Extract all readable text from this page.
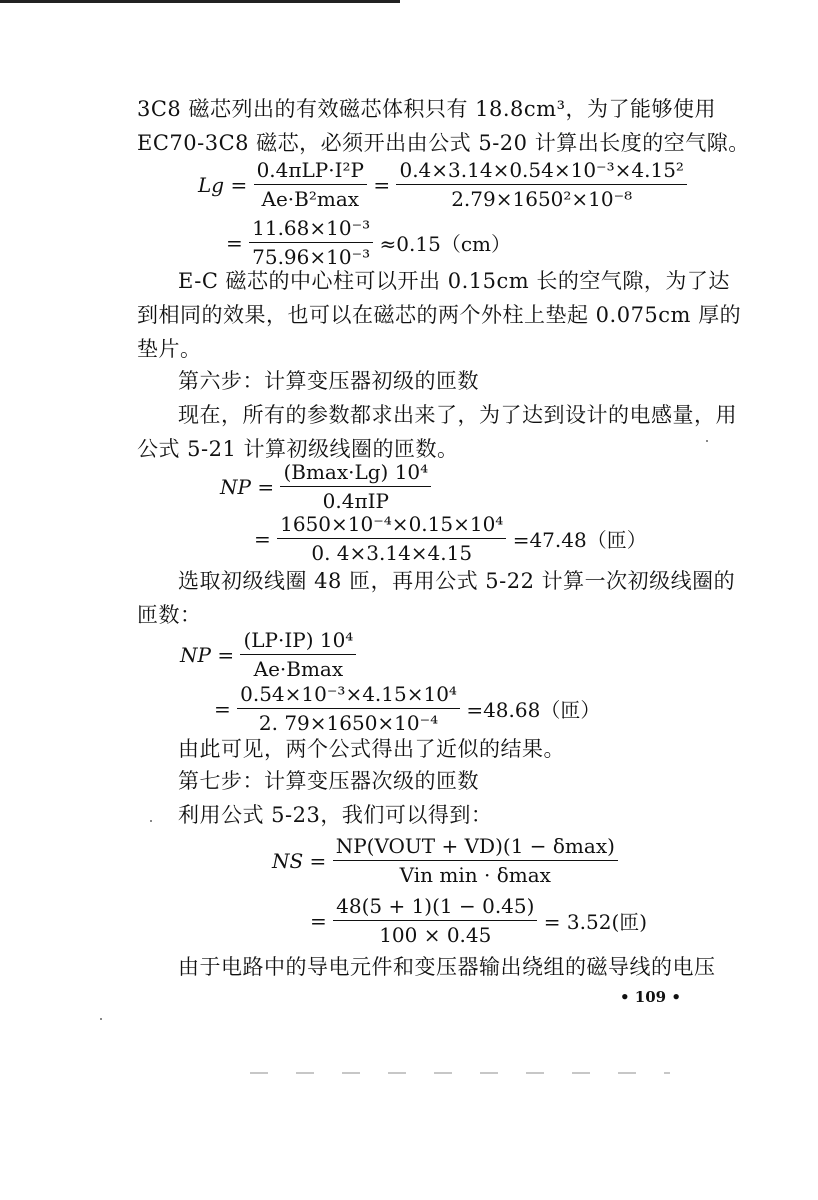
3C8 磁芯列出的有效磁芯体积只有 18.8cm³，为了能够使用
EC70-3C8 磁芯，必须开出由公式 5-20 计算出长度的空气隙。
$Lg = \frac{\text{0.4πLP·I²P}}{\text{Ae·B²max}} = \frac{\text{0.4×3.14×0.54×10⁻³×4.15²}}{\text{2.79×1650²×10⁻⁸}}$
= $\frac{\text{11.68×10⁻³}}{\text{75.96×10⁻³}} \approx 0.15(cm)$
E-C 磁芯的中心柱可以开出 0.15cm 长的空气隙，为了达
到相同的效果，也可以在磁芯的两个外柱上垫起 0.075cm 厚的
垫片。
第六步：计算变压器初级的匝数
现在，所有的参数都求出来了，为了达到设计的电感量，用
公式 5-21 计算初级线圈的匝数。
NP = $\frac{\text{(Bmax·Lg) 10⁴}}{\text{0.4πIP}}$
= $\frac{\text{1650×10⁻⁴×0.15×10⁴}}{0. 4\times 3.14\times 4.15} =47.48$（匝）
选取初级线圈 48 匝，再用公式 5-22 计算一次初级线圈的
匝数：
NP = $\frac{\text{(LP·IP) 10⁴}}{Ae\cdot Bmax}$
= $\frac{\text{0.54×10⁻³×4.15×10⁴}}{\text{2. 79×1650×10⁻⁴}} =48.68$（匝）
由此可见，两个公式得出了近似的结果。
第七步：计算变压器次级的匝数
利用公式 5-23，我们可以得到：
NS = $\frac{\text{NP(VOUT + VD)(1 − δmax)}}{\text{Vin min · δmax}}$
= $\frac{48(5 + 1)(1 - 0.45)}{100 \times 0.45} = 3.52$(匝)
由于电路中的导电元件和变压器输出绕组的磁导线的电压
• 109 •
